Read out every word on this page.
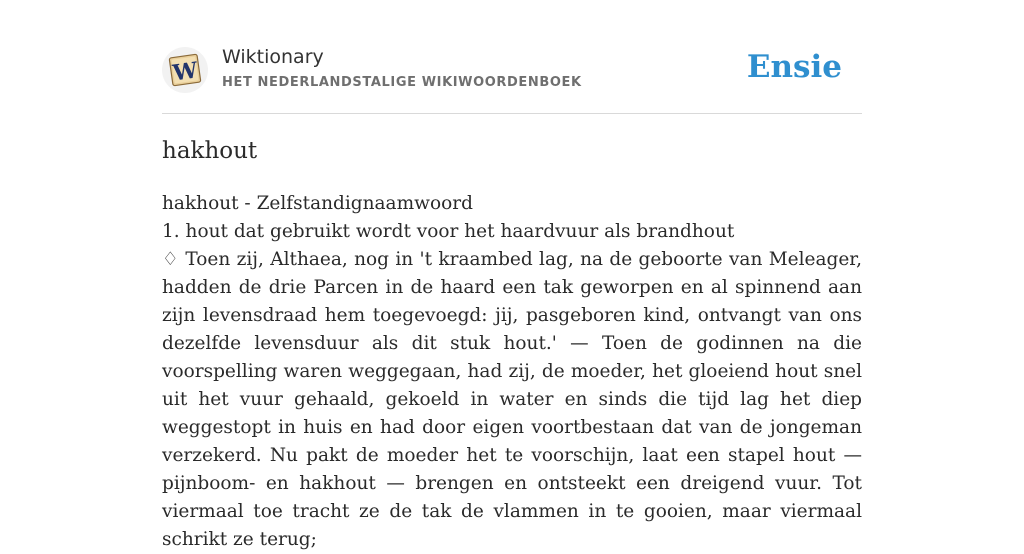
W
Wiktionary
HET NEDERLANDSTALIGE WIKIWOORDENBOEK	Ensie
hakhout

hakhout - Zelfstandignaamwoord

1. hout dat gebruikt wordt voor het haardvuur als brandhout

♢ Toen zij, Althaea, nog in 't kraambed lag, na de geboorte van Meleager, hadden de drie Parcen in de haard een tak geworpen en al spinnend aan zijn levensdraad hem toegevoegd: jij, pasgeboren kind, ontvangt van ons dezelfde levensduur als dit stuk hout.' — Toen de godinnen na die voorspelling waren weggegaan, had zij, de moeder, het gloeiend hout snel uit het vuur gehaald, gekoeld in water en sinds die tijd lag het diep weggestopt in huis en had door eigen voortbestaan dat van de jongeman verzekerd. Nu pakt de moeder het te voorschijn, laat een stapel hout —pijnboom- en hakhout — brengen en ontsteekt een dreigend vuur. Tot viermaal toe tracht ze de tak de vlammen in te gooien, maar viermaal schrikt ze terug;
